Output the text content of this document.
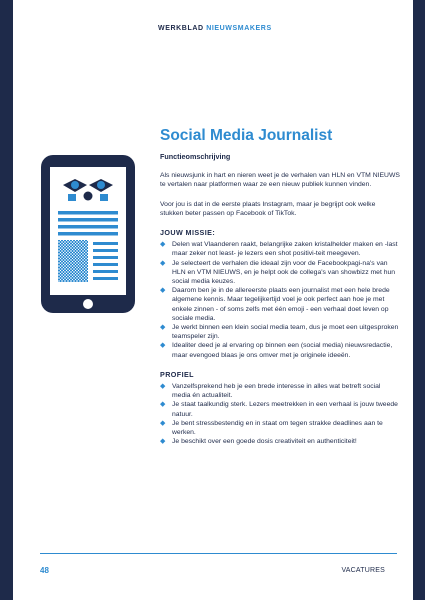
WERKBLAD NIEUWSMAKERS
Social Media Journalist
Functieomschrijving

Als nieuwsjunk in hart en nieren weet je de verhalen van HLN en VTM NIEUWS te vertalen naar platformen waar ze een nieuw publiek kunnen vinden.

Voor jou is dat in de eerste plaats Instagram, maar je begrijpt ook welke stukken beter passen op Facebook of TikTok.

JOUW MISSIE:
◆ Delen wat Vlaanderen raakt, belangrijke zaken kristalhelder maken en -last maar zeker not least- je lezers een shot positivi-teit meegeven.
◆ Je selecteert de verhalen die ideaal zijn voor de Facebookpagi-na's van HLN en VTM NIEUWS, en je helpt ook de collega's van showbizz met hun social media keuzes.
◆ Daarom ben je in de allereerste plaats een journalist met een hele brede algemene kennis. Maar tegelijkertijd voel je ook perfect aan hoe je met enkele zinnen - of soms zelfs met één emoji - een verhaal doet leven op sociale media.
◆ Je werkt binnen een klein social media team, dus je moet een uitgesproken teamspeler zijn.
◆ Idealiter deed je al ervaring op binnen een (social media) nieuwsredactie, maar evengoed blaas je ons omver met je originele ideeën.
PROFIEL
◆ Vanzelfsprekend heb je een brede interesse in alles wat betreft social media én actualiteit.
◆ Je staat taalkundig sterk. Lezers meetrekken in een verhaal is jouw tweede natuur.
◆ Je bent stressbestendig en in staat om tegen strakke deadlines aan te werken.
◆ Je beschikt over een goede dosis creativiteit en authenticiteit!
48	VACATURES
